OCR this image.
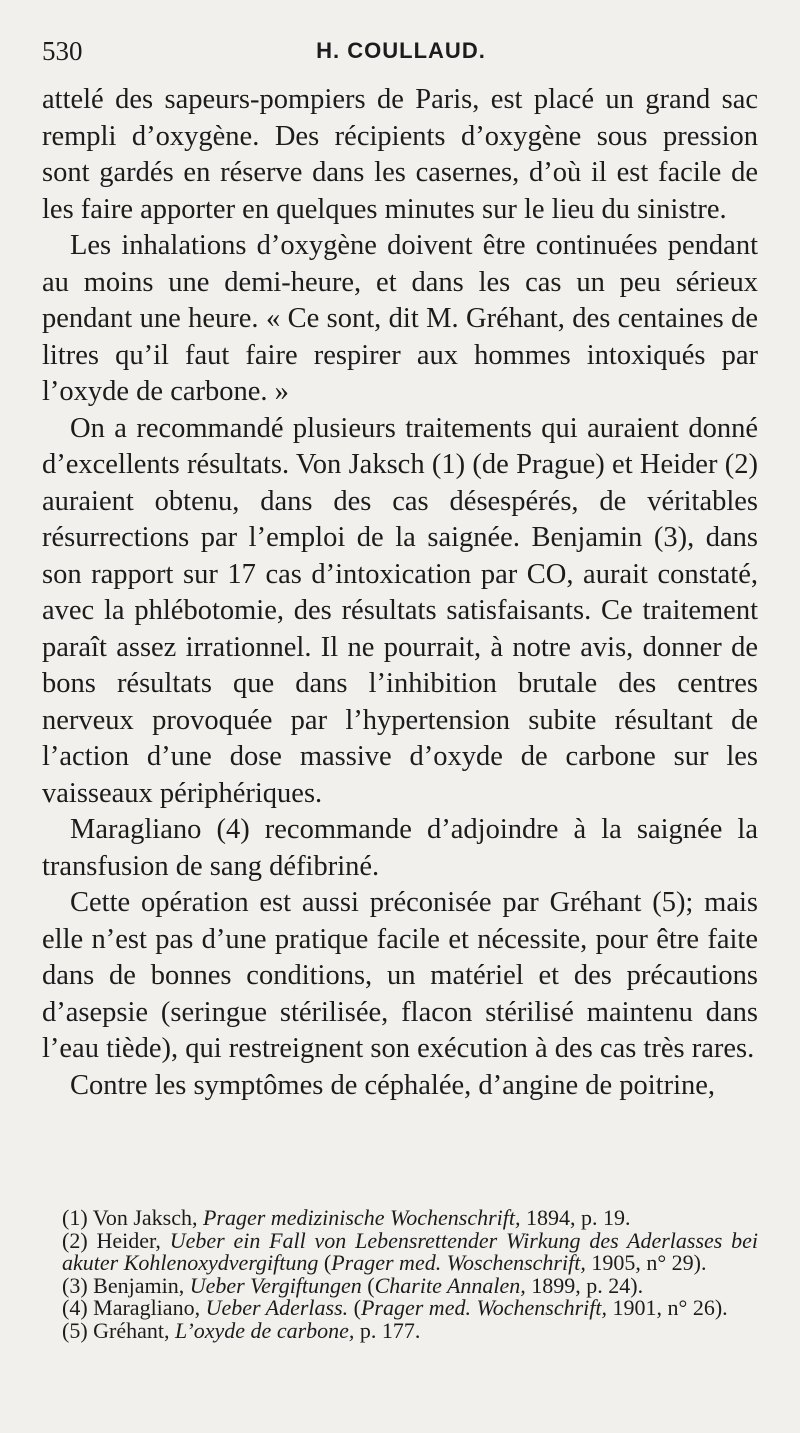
530	H. COULLAUD.

attelé des sapeurs-pompiers de Paris, est placé un grand sac rempli d’oxygène. Des récipients d’oxygène sous pression sont gardés en réserve dans les casernes, d’où il est facile de les faire apporter en quelques minutes sur le lieu du sinistre.

Les inhalations d’oxygène doivent être continuées pendant au moins une demi-heure, et dans les cas un peu sérieux pendant une heure. « Ce sont, dit M. Gréhant, des centaines de litres qu’il faut faire respirer aux hommes intoxiqués par l’oxyde de carbone. »

On a recommandé plusieurs traitements qui auraient donné d’excellents résultats. Von Jaksch (1) (de Prague) et Heider (2) auraient obtenu, dans des cas désespérés, de véritables résurrections par l’emploi de la saignée. Benjamin (3), dans son rapport sur 17 cas d’intoxication par CO, aurait constaté, avec la phlébotomie, des résultats satisfaisants. Ce traitement paraît assez irrationnel. Il ne pourrait, à notre avis, donner de bons résultats que dans l’inhibition brutale des centres nerveux provoquée par l’hypertension subite résultant de l’action d’une dose massive d’oxyde de carbone sur les vaisseaux périphériques.

Maragliano (4) recommande d’adjoindre à la saignée la transfusion de sang défibriné.

Cette opération est aussi préconisée par Gréhant (5); mais elle n’est pas d’une pratique facile et nécessite, pour être faite dans de bonnes conditions, un matériel et des précautions d’asepsie (seringue stérilisée, flacon stérilisé maintenu dans l’eau tiède), qui restreignent son exécution à des cas très rares.

Contre les symptômes de céphalée, d’angine de poitrine,

(1) Von Jaksch, Prager medizinische Wochenschrift, 1894, p. 19.

(2) Heider, Ueber ein Fall von Lebensrettender Wirkung des Aderlasses bei akuter Kohlenoxydvergiftung (Prager med. Woschenschrift, 1905, n° 29).

(3) Benjamin, Ueber Vergiftungen (Charite Annalen, 1899, p. 24).

(4) Maragliano, Ueber Aderlass. (Prager med. Wochenschrift, 1901, n° 26).

(5) Gréhant, L’oxyde de carbone, p. 177.
